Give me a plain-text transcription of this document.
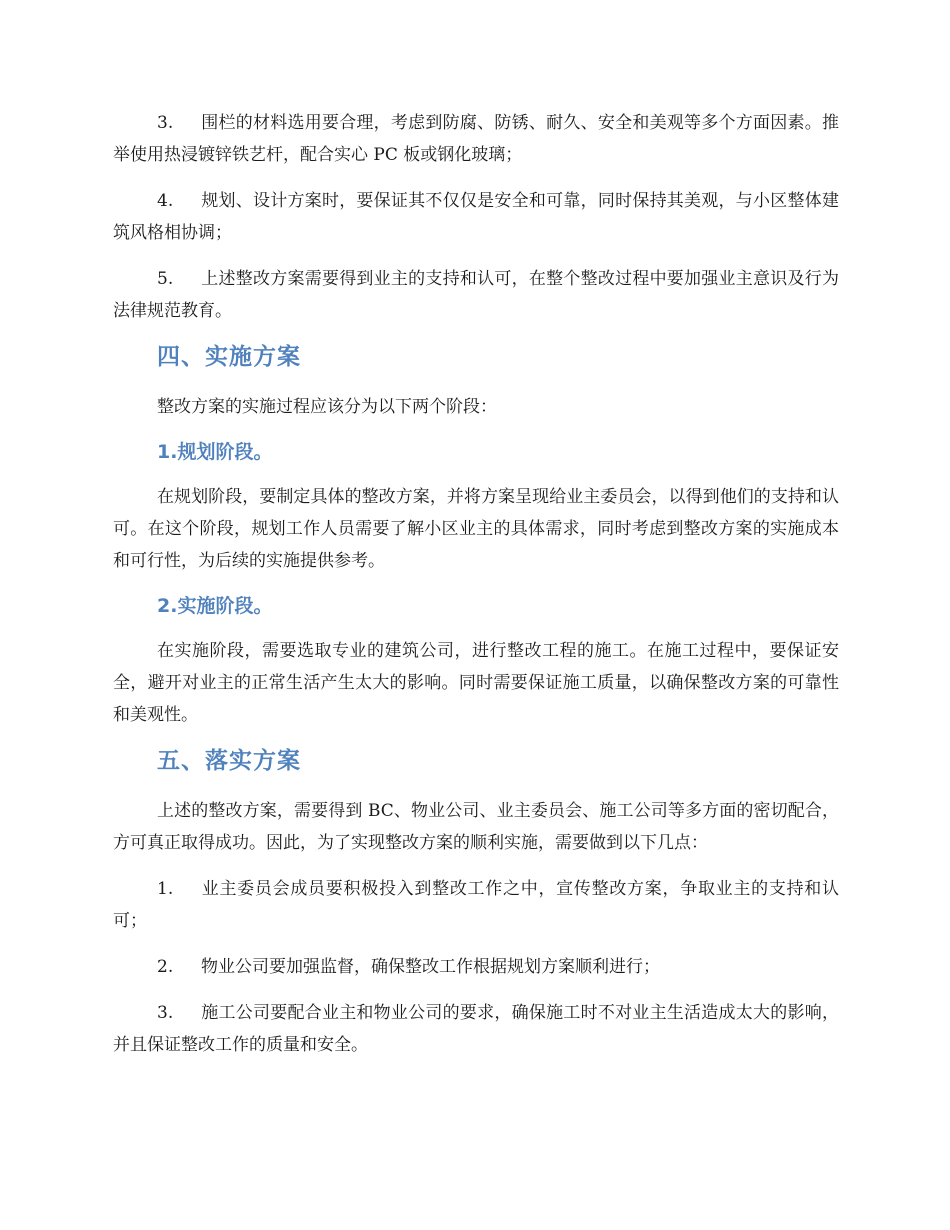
3. 围栏的材料选用要合理，考虑到防腐、防锈、耐久、安全和美观等多个方面因素。推举使用热浸镀锌铁艺杆，配合实心 PC 板或钢化玻璃；

4. 规划、设计方案时，要保证其不仅仅是安全和可靠，同时保持其美观，与小区整体建筑风格相协调；

5. 上述整改方案需要得到业主的支持和认可，在整个整改过程中要加强业主意识及行为法律规范教育。

四、实施方案

整改方案的实施过程应该分为以下两个阶段：

1.规划阶段。

在规划阶段，要制定具体的整改方案，并将方案呈现给业主委员会，以得到他们的支持和认可。在这个阶段，规划工作人员需要了解小区业主的具体需求，同时考虑到整改方案的实施成本和可行性，为后续的实施提供参考。

2.实施阶段。

在实施阶段，需要选取专业的建筑公司，进行整改工程的施工。在施工过程中，要保证安全，避开对业主的正常生活产生太大的影响。同时需要保证施工质量，以确保整改方案的可靠性和美观性。

五、落实方案

上述的整改方案，需要得到 BC、物业公司、业主委员会、施工公司等多方面的密切配合，方可真正取得成功。因此，为了实现整改方案的顺利实施，需要做到以下几点：

1. 业主委员会成员要积极投入到整改工作之中，宣传整改方案，争取业主的支持和认可；

2. 物业公司要加强监督，确保整改工作根据规划方案顺利进行；

3. 施工公司要配合业主和物业公司的要求，确保施工时不对业主生活造成太大的影响，并且保证整改工作的质量和安全。
